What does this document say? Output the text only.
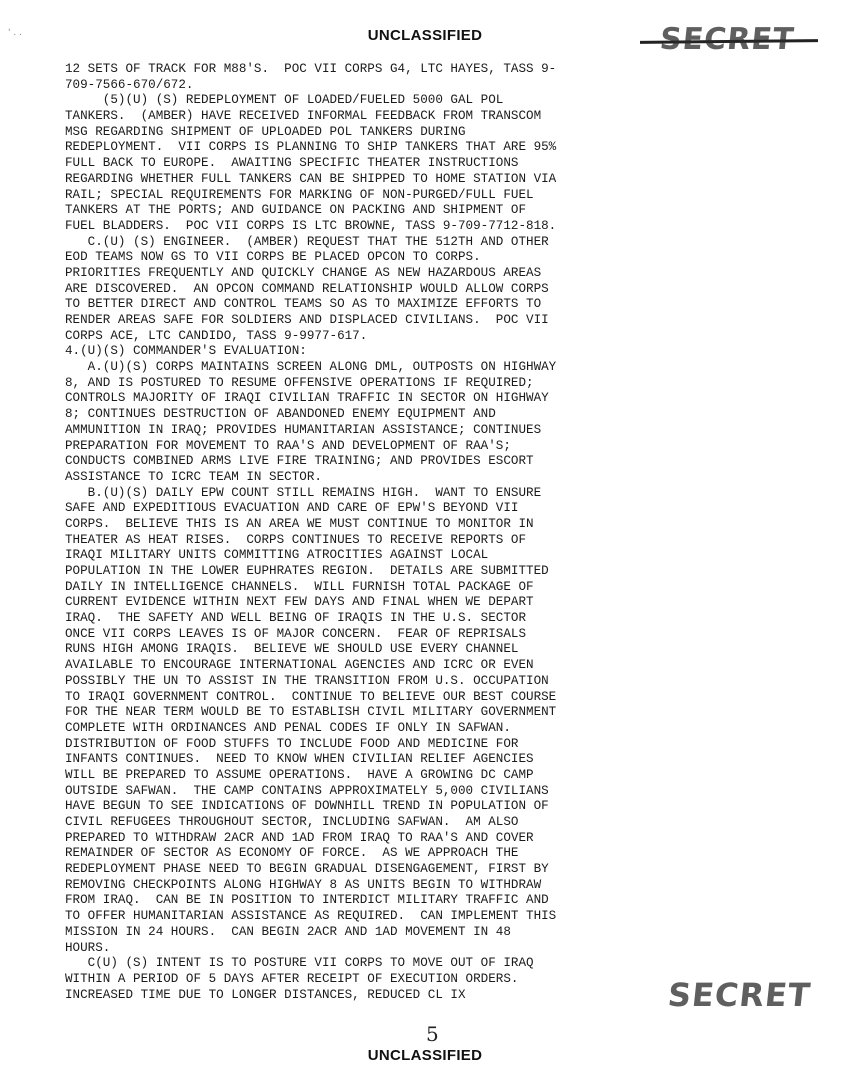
' . .	UNCLASSIFIED	SECRET
12 SETS OF TRACK FOR M88'S.  POC VII CORPS G4, LTC HAYES, TASS 9-
709-7566-670/672.
(5)(U) (S) REDEPLOYMENT OF LOADED/FUELED 5000 GAL POL
TANKERS.  (AMBER) HAVE RECEIVED INFORMAL FEEDBACK FROM TRANSCOM
MSG REGARDING SHIPMENT OF UPLOADED POL TANKERS DURING
REDEPLOYMENT.  VII CORPS IS PLANNING TO SHIP TANKERS THAT ARE 95%
FULL BACK TO EUROPE.  AWAITING SPECIFIC THEATER INSTRUCTIONS
REGARDING WHETHER FULL TANKERS CAN BE SHIPPED TO HOME STATION VIA
RAIL; SPECIAL REQUIREMENTS FOR MARKING OF NON-PURGED/FULL FUEL
TANKERS AT THE PORTS; AND GUIDANCE ON PACKING AND SHIPMENT OF
FUEL BLADDERS.  POC VII CORPS IS LTC BROWNE, TASS 9-709-7712-818.
C.(U) (S) ENGINEER.  (AMBER) REQUEST THAT THE 512TH AND OTHER
EOD TEAMS NOW GS TO VII CORPS BE PLACED OPCON TO CORPS.
PRIORITIES FREQUENTLY AND QUICKLY CHANGE AS NEW HAZARDOUS AREAS
ARE DISCOVERED.  AN OPCON COMMAND RELATIONSHIP WOULD ALLOW CORPS
TO BETTER DIRECT AND CONTROL TEAMS SO AS TO MAXIMIZE EFFORTS TO
RENDER AREAS SAFE FOR SOLDIERS AND DISPLACED CIVILIANS.  POC VII
CORPS ACE, LTC CANDIDO, TASS 9-9977-617.
4.(U)(S) COMMANDER'S EVALUATION:
A.(U)(S) CORPS MAINTAINS SCREEN ALONG DML, OUTPOSTS ON HIGHWAY
8, AND IS POSTURED TO RESUME OFFENSIVE OPERATIONS IF REQUIRED;
CONTROLS MAJORITY OF IRAQI CIVILIAN TRAFFIC IN SECTOR ON HIGHWAY
8; CONTINUES DESTRUCTION OF ABANDONED ENEMY EQUIPMENT AND
AMMUNITION IN IRAQ; PROVIDES HUMANITARIAN ASSISTANCE; CONTINUES
PREPARATION FOR MOVEMENT TO RAA'S AND DEVELOPMENT OF RAA'S;
CONDUCTS COMBINED ARMS LIVE FIRE TRAINING; AND PROVIDES ESCORT
ASSISTANCE TO ICRC TEAM IN SECTOR.
B.(U)(S) DAILY EPW COUNT STILL REMAINS HIGH.  WANT TO ENSURE
SAFE AND EXPEDITIOUS EVACUATION AND CARE OF EPW'S BEYOND VII
CORPS.  BELIEVE THIS IS AN AREA WE MUST CONTINUE TO MONITOR IN
THEATER AS HEAT RISES.  CORPS CONTINUES TO RECEIVE REPORTS OF
IRAQI MILITARY UNITS COMMITTING ATROCITIES AGAINST LOCAL
POPULATION IN THE LOWER EUPHRATES REGION.  DETAILS ARE SUBMITTED
DAILY IN INTELLIGENCE CHANNELS.  WILL FURNISH TOTAL PACKAGE OF
CURRENT EVIDENCE WITHIN NEXT FEW DAYS AND FINAL WHEN WE DEPART
IRAQ.  THE SAFETY AND WELL BEING OF IRAQIS IN THE U.S. SECTOR
ONCE VII CORPS LEAVES IS OF MAJOR CONCERN.  FEAR OF REPRISALS
RUNS HIGH AMONG IRAQIS.  BELIEVE WE SHOULD USE EVERY CHANNEL
AVAILABLE TO ENCOURAGE INTERNATIONAL AGENCIES AND ICRC OR EVEN
POSSIBLY THE UN TO ASSIST IN THE TRANSITION FROM U.S. OCCUPATION
TO IRAQI GOVERNMENT CONTROL.  CONTINUE TO BELIEVE OUR BEST COURSE
FOR THE NEAR TERM WOULD BE TO ESTABLISH CIVIL MILITARY GOVERNMENT
COMPLETE WITH ORDINANCES AND PENAL CODES IF ONLY IN SAFWAN.
DISTRIBUTION OF FOOD STUFFS TO INCLUDE FOOD AND MEDICINE FOR
INFANTS CONTINUES.  NEED TO KNOW WHEN CIVILIAN RELIEF AGENCIES
WILL BE PREPARED TO ASSUME OPERATIONS.  HAVE A GROWING DC CAMP
OUTSIDE SAFWAN.  THE CAMP CONTAINS APPROXIMATELY 5,000 CIVILIANS
HAVE BEGUN TO SEE INDICATIONS OF DOWNHILL TREND IN POPULATION OF
CIVIL REFUGEES THROUGHOUT SECTOR, INCLUDING SAFWAN.  AM ALSO
PREPARED TO WITHDRAW 2ACR AND 1AD FROM IRAQ TO RAA'S AND COVER
REMAINDER OF SECTOR AS ECONOMY OF FORCE.  AS WE APPROACH THE
REDEPLOYMENT PHASE NEED TO BEGIN GRADUAL DISENGAGEMENT, FIRST BY
REMOVING CHECKPOINTS ALONG HIGHWAY 8 AS UNITS BEGIN TO WITHDRAW
FROM IRAQ.  CAN BE IN POSITION TO INTERDICT MILITARY TRAFFIC AND
TO OFFER HUMANITARIAN ASSISTANCE AS REQUIRED.  CAN IMPLEMENT THIS
MISSION IN 24 HOURS.  CAN BEGIN 2ACR AND 1AD MOVEMENT IN 48
HOURS.
C(U) (S) INTENT IS TO POSTURE VII CORPS TO MOVE OUT OF IRAQ
WITHIN A PERIOD OF 5 DAYS AFTER RECEIPT OF EXECUTION ORDERS.
INCREASED TIME DUE TO LONGER DISTANCES, REDUCED CL IX	SECRET
5
UNCLASSIFIED
